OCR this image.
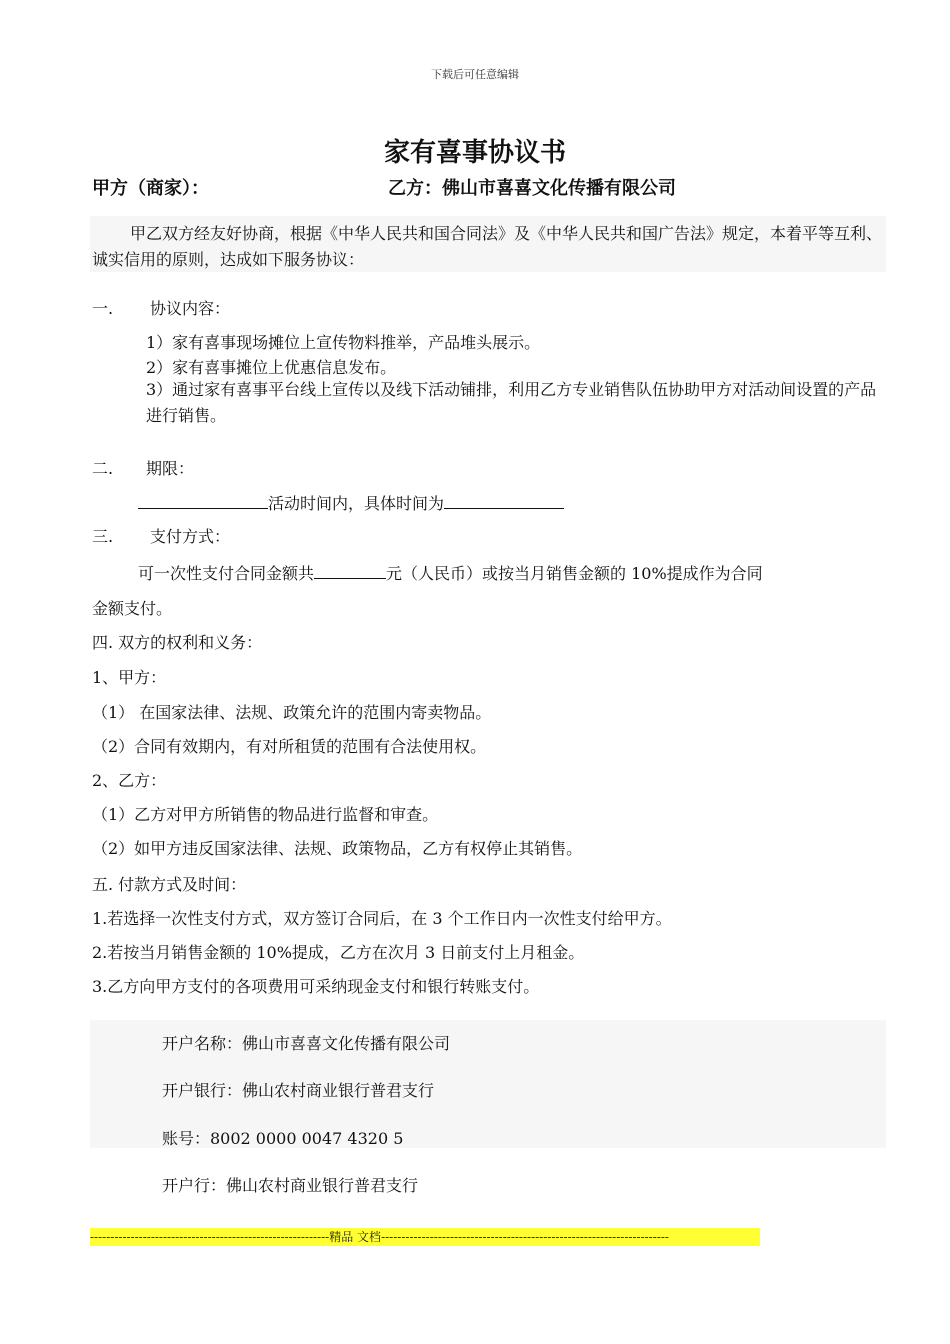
下载后可任意编辑
家有喜事协议书
甲方（商家）：	乙方：佛山市喜喜文化传播有限公司
甲乙双方经友好协商，根据《中华人民共和国合同法》及《中华人民共和国广告法》规定，本着平等互利、诚实信用的原则，达成如下服务协议：
一. 协议内容：
1）家有喜事现场摊位上宣传物料推举，产品堆头展示。
2）家有喜事摊位上优惠信息发布。
3）通过家有喜事平台线上宣传以及线下活动铺排，利用乙方专业销售队伍协助甲方对活动间设置的产品进行销售。
二. 期限：
活动时间内，具体时间为
三. 支付方式：
可一次性支付合同金额共	元（人民币）或按当月销售金额的 10%提成作为合同
金额支付。
四. 双方的权利和义务：
1、甲方：
（1） 在国家法律、法规、政策允许的范围内寄卖物品。
（2）合同有效期内，有对所租赁的范围有合法使用权。
2、乙方：
（1）乙方对甲方所销售的物品进行监督和审查。
（2）如甲方违反国家法律、法规、政策物品，乙方有权停止其销售。
五. 付款方式及时间：
1.若选择一次性支付方式，双方签订合同后，在 3 个工作日内一次性支付给甲方。
2.若按当月销售金额的 10%提成，乙方在次月 3 日前支付上月租金。
3.乙方向甲方支付的各项费用可采纳现金支付和银行转账支付。
开户名称：佛山市喜喜文化传播有限公司
开户银行：佛山农村商业银行普君支行
账号：8002 0000 0047 4320 5
开户行：佛山农村商业银行普君支行
-----------------------------------------------------------精品 文档-----------------------------------------------------------------------
